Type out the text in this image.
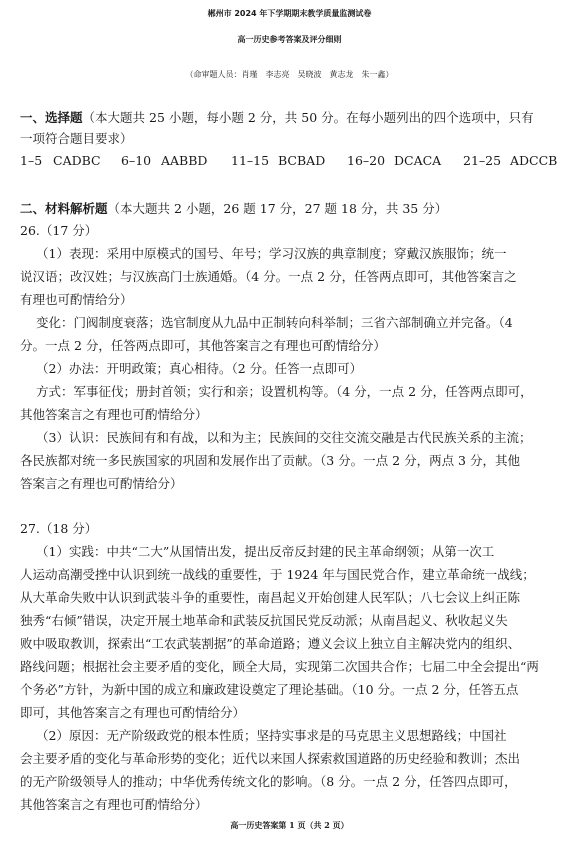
郴州市 2024 年下学期期末教学质量监测试卷
高一历史参考答案及评分细则
（命审题人员：肖瑾　李志亮　吴晓波　黄志龙　朱一鑫）
一、选择题（本大题共 25 小题，每小题 2 分，共 50 分。在每小题列出的四个选项中，只有
一项符合题目要求）
1–5 CADBC 6–10 AABBD 11–15 BCBAD 16–20 DCACA 21–25 ADCCB
二、材料解析题（本大题共 2 小题，26 题 17 分，27 题 18 分，共 35 分）
26.（17 分）
（1）表现：采用中原模式的国号、年号；学习汉族的典章制度；穿戴汉族服饰；统一
说汉语；改汉姓；与汉族高门士族通婚。（4 分。一点 2 分，任答两点即可，其他答案言之
有理也可酌情给分）
变化：门阀制度衰落；选官制度从九品中正制转向科举制；三省六部制确立并完备。（4
分。一点 2 分，任答两点即可，其他答案言之有理也可酌情给分）
（2）办法：开明政策；真心相待。（2 分。任答一点即可）
方式：军事征伐；册封首领；实行和亲；设置机构等。（4 分，一点 2 分，任答两点即可，
其他答案言之有理也可酌情给分）
（3）认识：民族间有和有战，以和为主；民族间的交往交流交融是古代民族关系的主流；
各民族都对统一多民族国家的巩固和发展作出了贡献。（3 分。一点 2 分，两点 3 分，其他
答案言之有理也可酌情给分）
27.（18 分）
（1）实践：中共“二大”从国情出发，提出反帝反封建的民主革命纲领；从第一次工
人运动高潮受挫中认识到统一战线的重要性，于 1924 年与国民党合作，建立革命统一战线；
从大革命失败中认识到武装斗争的重要性，南昌起义开始创建人民军队；八七会议上纠正陈
独秀“右倾”错误，决定开展土地革命和武装反抗国民党反动派；从南昌起义、秋收起义失
败中吸取教训，探索出“工农武装割据”的革命道路；遵义会议上独立自主解决党内的组织、
路线问题；根据社会主要矛盾的变化，顾全大局，实现第二次国共合作；七届二中全会提出“两
个务必”方针，为新中国的成立和廉政建设奠定了理论基础。（10 分。一点 2 分，任答五点
即可，其他答案言之有理也可酌情给分）
（2）原因：无产阶级政党的根本性质；坚持实事求是的马克思主义思想路线；中国社
会主要矛盾的变化与革命形势的变化；近代以来国人探索救国道路的历史经验和教训；杰出
的无产阶级领导人的推动；中华优秀传统文化的影响。（8 分。一点 2 分，任答四点即可，
其他答案言之有理也可酌情给分）
高一历史答案第 1 页（共 2 页）
